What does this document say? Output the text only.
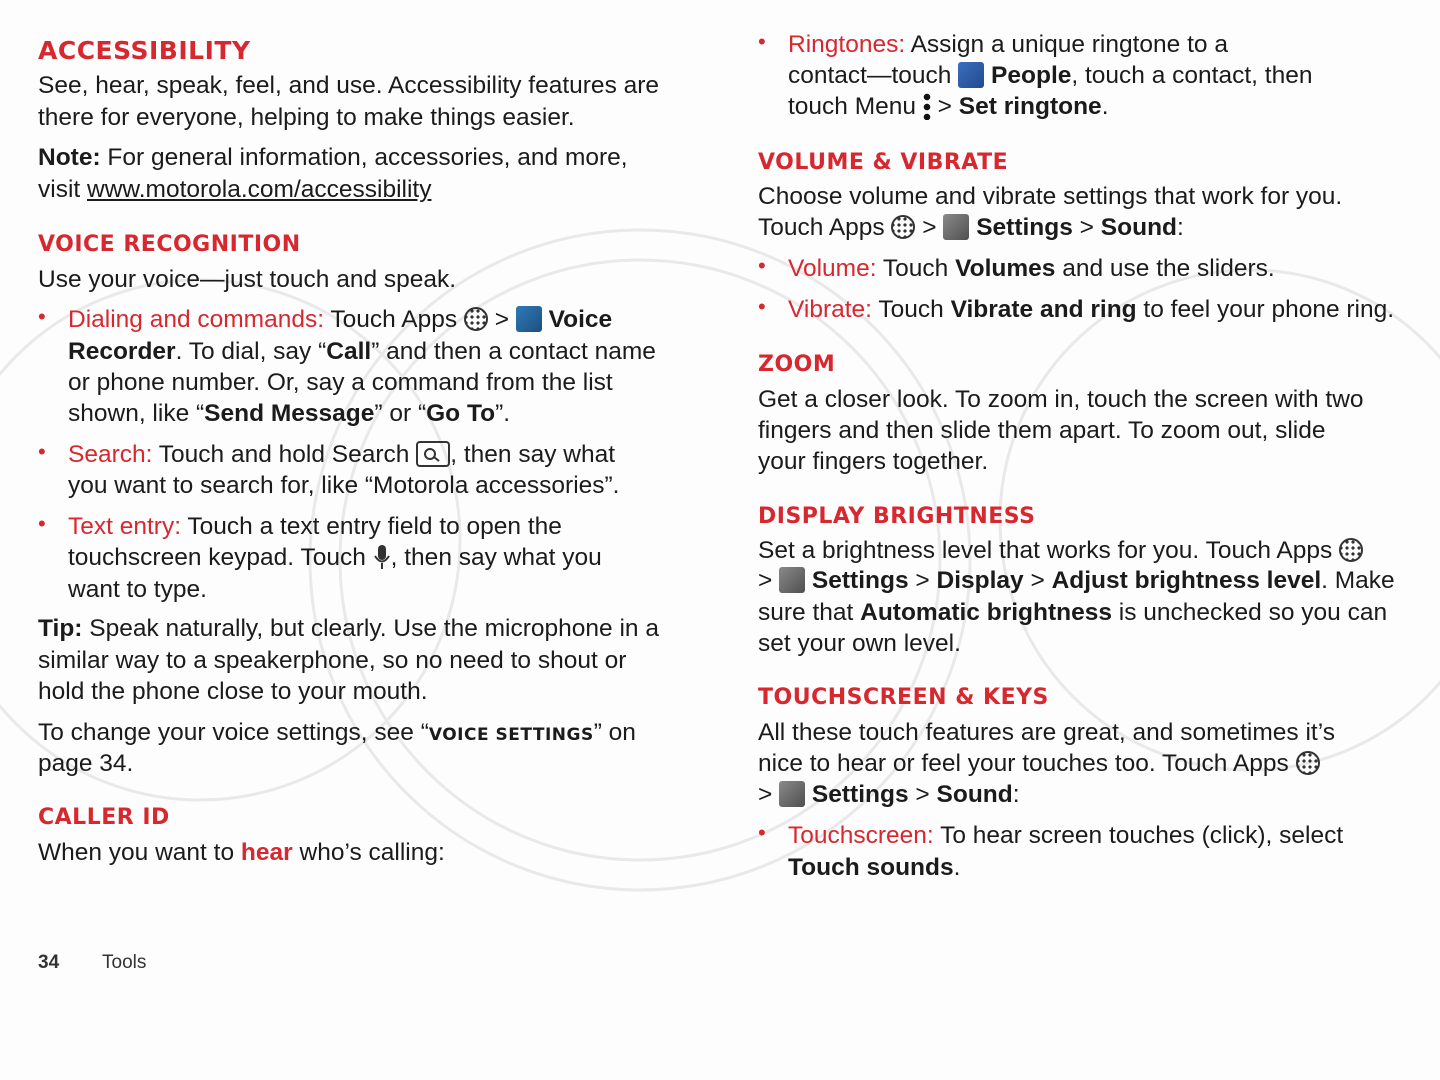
ACCESSIBILITY

See, hear, speak, feel, and use. Accessibility features are

there for everyone, helping to make things easier.

Note: For general information, accessories, and more,

visit www.motorola.com/accessibility

VOICE RECOGNITION

Use your voice—just touch and speak.

• Dialing and commands: Touch Apps  >  Voice

Recorder. To dial, say “Call” and then a contact name

or phone number. Or, say a command from the list

shown, like “Send Message” or “Go To”.

• Search: Touch and hold Search , then say what

you want to search for, like “Motorola accessories”.

• Text entry: Touch a text entry field to open the

touchscreen keypad. Touch , then say what you

want to type.

Tip: Speak naturally, but clearly. Use the microphone in a

similar way to a speakerphone, so no need to shout or

hold the phone close to your mouth.

To change your voice settings, see “VOICE SETTINGS” on

page 34.

CALLER ID

When you want to hear who’s calling:

• Ringtones: Assign a unique ringtone to a

contact—touch  People, touch a contact, then

touch Menu  > Set ringtone.

VOLUME & VIBRATE

Choose volume and vibrate settings that work for you.

Touch Apps  >  Settings > Sound:

• Volume: Touch Volumes and use the sliders.

• Vibrate: Touch Vibrate and ring to feel your phone ring.

ZOOM

Get a closer look. To zoom in, touch the screen with two

fingers and then slide them apart. To zoom out, slide

your fingers together.

DISPLAY BRIGHTNESS

Set a brightness level that works for you. Touch Apps

>  Settings > Display > Adjust brightness level. Make

sure that Automatic brightness is unchecked so you can

set your own level.

TOUCHSCREEN & KEYS

All these touch features are great, and sometimes it’s

nice to hear or feel your touches too. Touch Apps

>  Settings > Sound:

• Touchscreen: To hear screen touches (click), select

Touch sounds.

34 Tools
